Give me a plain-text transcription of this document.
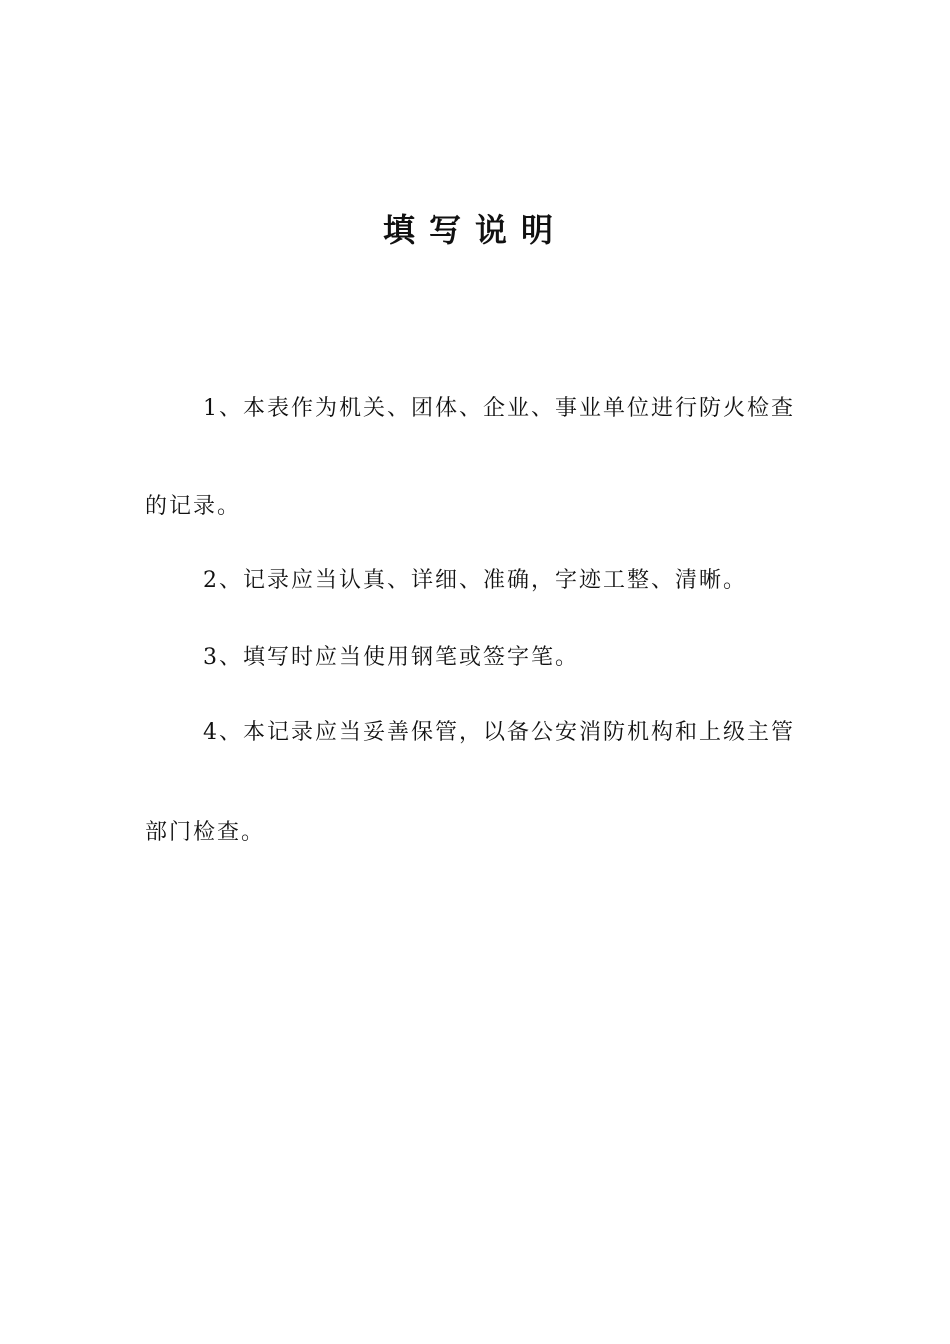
填写说明
1、本表作为机关、团体、企业、事业单位进行防火检查
的记录。
2、记录应当认真、详细、准确，字迹工整、清晰。
3、填写时应当使用钢笔或签字笔。
4、本记录应当妥善保管，以备公安消防机构和上级主管
部门检查。
